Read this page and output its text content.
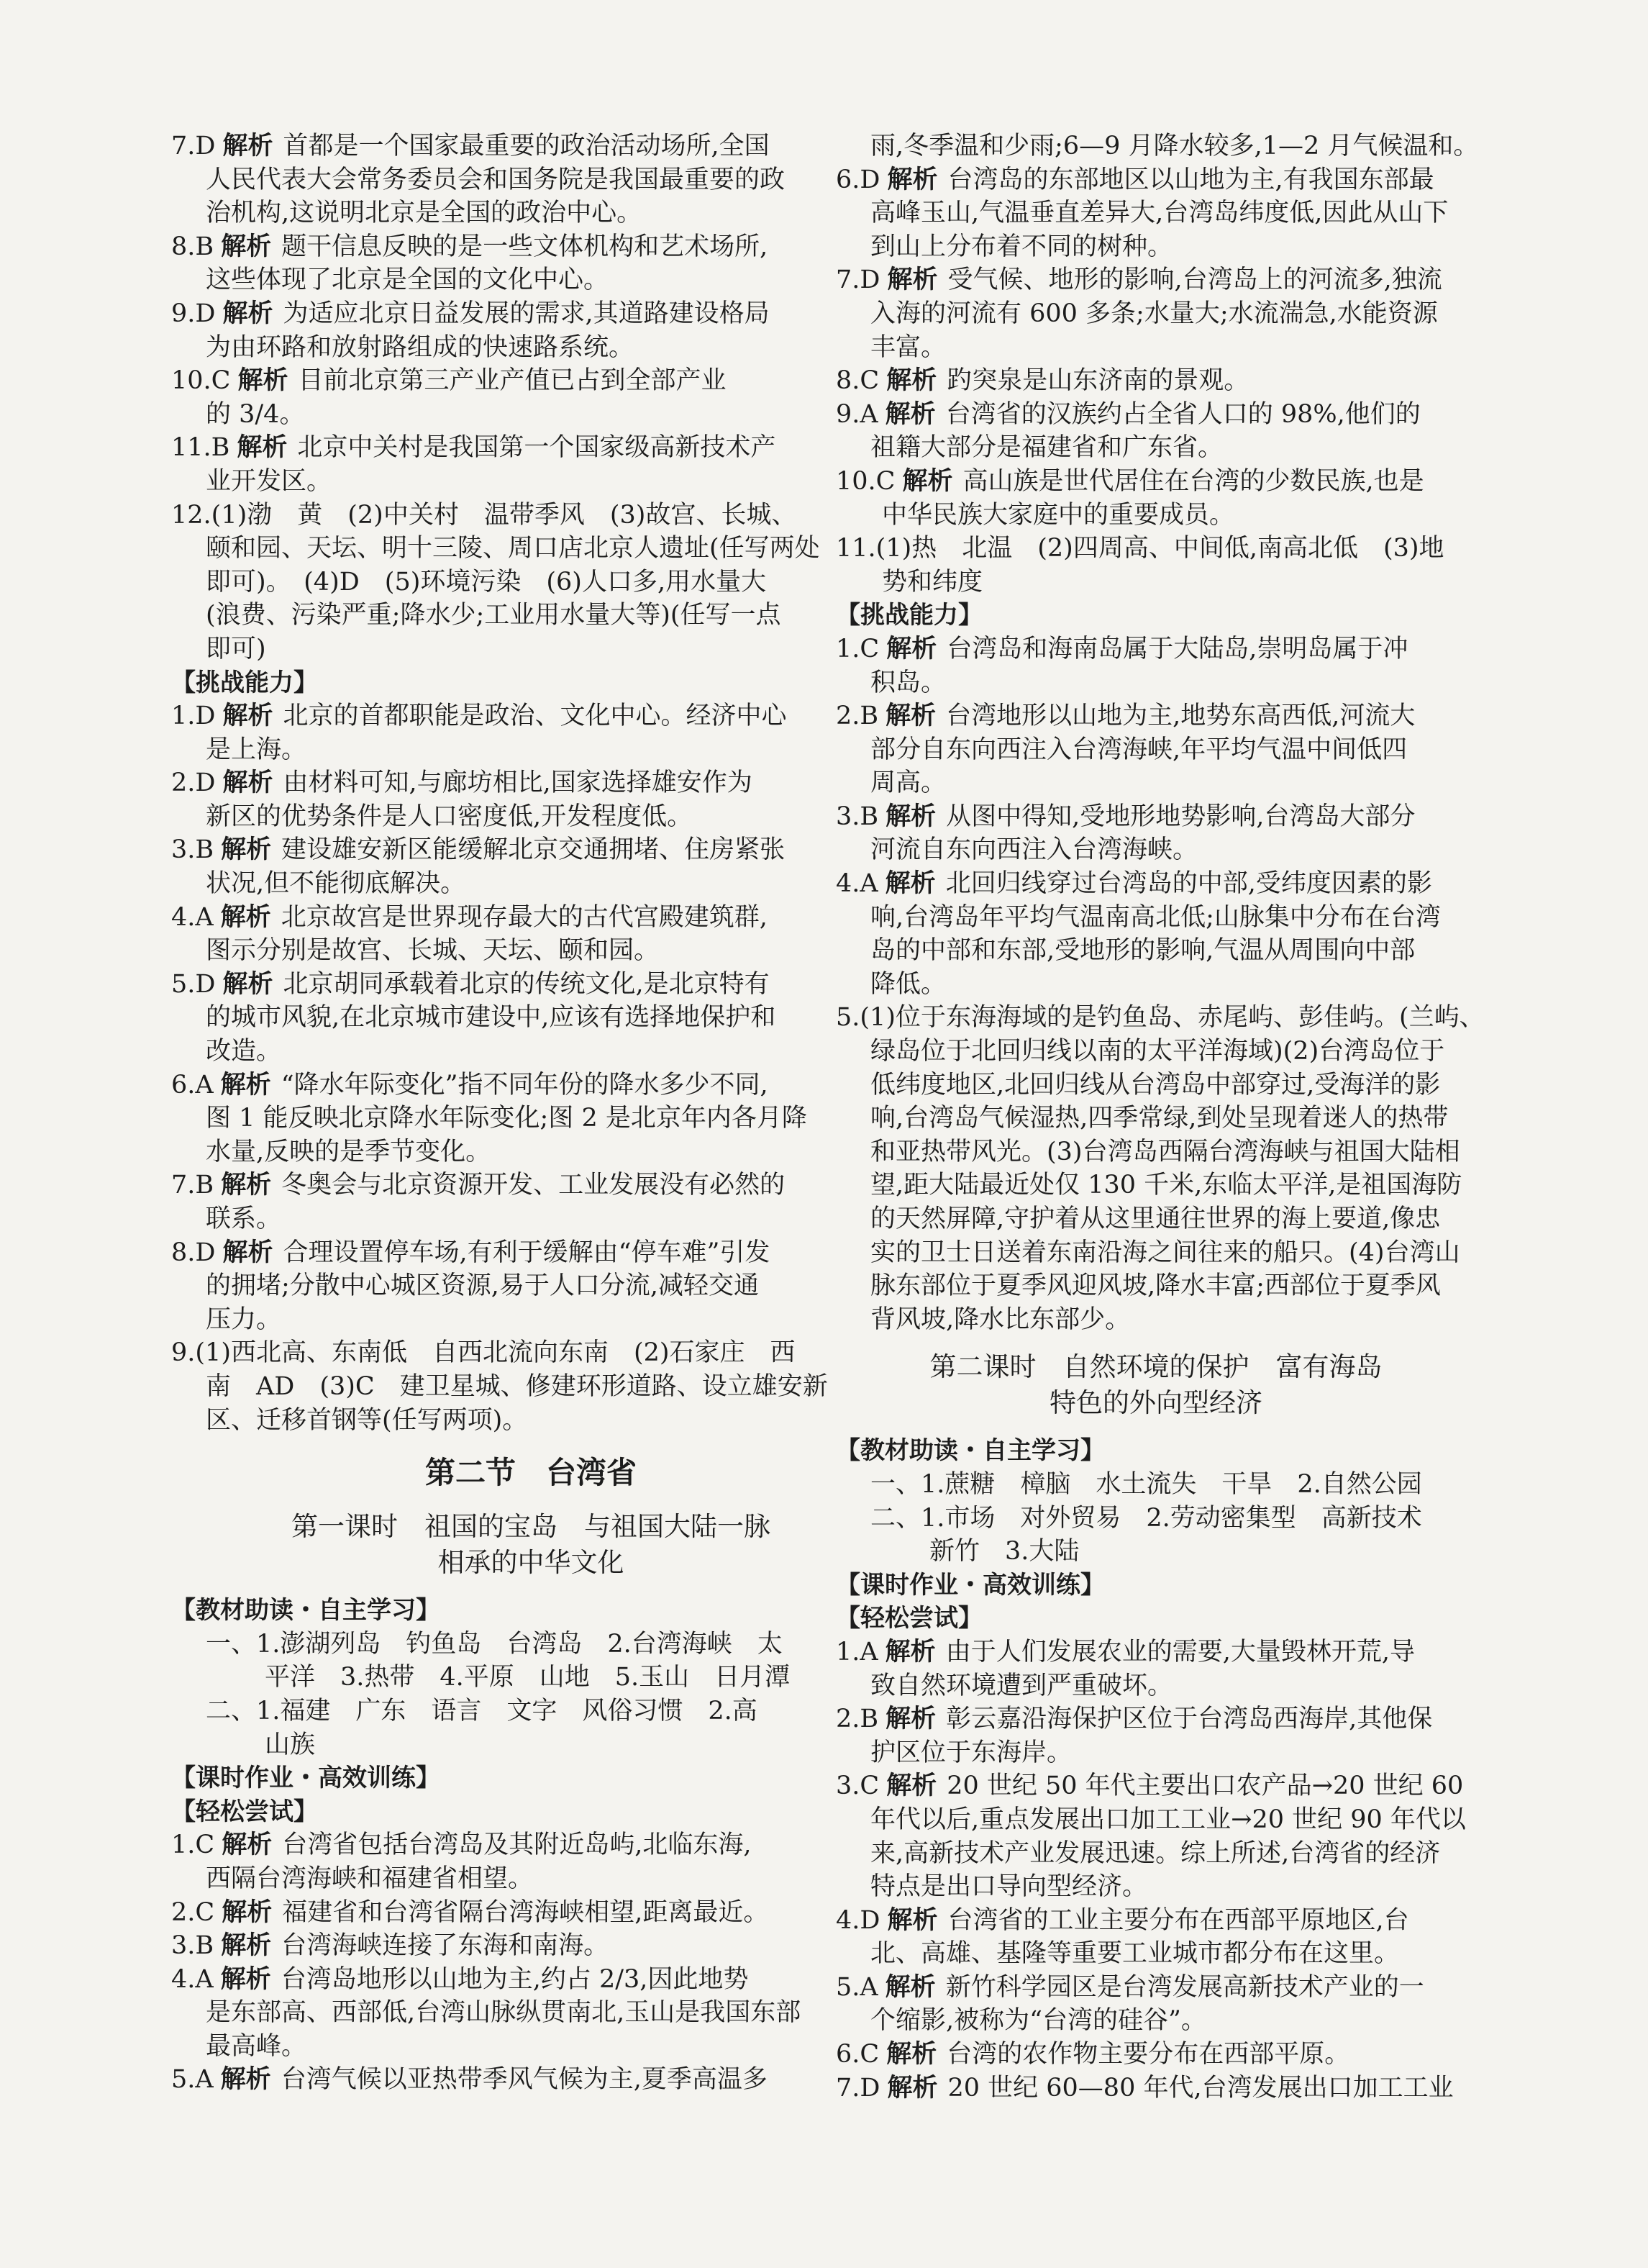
7.D 解析 首都是一个国家最重要的政治活动场所,全国
人民代表大会常务委员会和国务院是我国最重要的政
治机构,这说明北京是全国的政治中心。
8.B 解析 题干信息反映的是一些文体机构和艺术场所,
这些体现了北京是全国的文化中心。
9.D 解析 为适应北京日益发展的需求,其道路建设格局
为由环路和放射路组成的快速路系统。
10.C 解析 目前北京第三产业产值已占到全部产业
的 3/4。
11.B 解析 北京中关村是我国第一个国家级高新技术产
业开发区。
12.(1)渤　黄　(2)中关村　温带季风　(3)故宫、长城、
颐和园、天坛、明十三陵、周口店北京人遗址(任写两处
即可)。　(4)D　(5)环境污染　(6)人口多,用水量大
(浪费、污染严重;降水少;工业用水量大等)(任写一点
即可)
【挑战能力】
1.D 解析 北京的首都职能是政治、文化中心。经济中心
是上海。
2.D 解析 由材料可知,与廊坊相比,国家选择雄安作为
新区的优势条件是人口密度低,开发程度低。
3.B 解析 建设雄安新区能缓解北京交通拥堵、住房紧张
状况,但不能彻底解决。
4.A 解析 北京故宫是世界现存最大的古代宫殿建筑群,
图示分别是故宫、长城、天坛、颐和园。
5.D 解析 北京胡同承载着北京的传统文化,是北京特有
的城市风貌,在北京城市建设中,应该有选择地保护和
改造。
6.A 解析 “降水年际变化”指不同年份的降水多少不同,
图 1 能反映北京降水年际变化;图 2 是北京年内各月降
水量,反映的是季节变化。
7.B 解析 冬奥会与北京资源开发、工业发展没有必然的
联系。
8.D 解析 合理设置停车场,有利于缓解由“停车难”引发
的拥堵;分散中心城区资源,易于人口分流,减轻交通
压力。
9.(1)西北高、东南低　自西北流向东南　(2)石家庄　西
南　AD　(3)C　建卫星城、修建环形道路、设立雄安新
区、迁移首钢等(任写两项)。
第二节　台湾省
第一课时　祖国的宝岛　与祖国大陆一脉
相承的中华文化
【教材助读・自主学习】
一、1.澎湖列岛　钓鱼岛　台湾岛　2.台湾海峡　太
平洋　3.热带　4.平原　山地　5.玉山　日月潭
二、1.福建　广东　语言　文字　风俗习惯　2.高
山族
【课时作业・高效训练】
【轻松尝试】
1.C 解析 台湾省包括台湾岛及其附近岛屿,北临东海,
西隔台湾海峡和福建省相望。
2.C 解析 福建省和台湾省隔台湾海峡相望,距离最近。
3.B 解析 台湾海峡连接了东海和南海。
4.A 解析 台湾岛地形以山地为主,约占 2/3,因此地势
是东部高、西部低,台湾山脉纵贯南北,玉山是我国东部
最高峰。
5.A 解析 台湾气候以亚热带季风气候为主,夏季高温多
雨,冬季温和少雨;6—9 月降水较多,1—2 月气候温和。
6.D 解析 台湾岛的东部地区以山地为主,有我国东部最
高峰玉山,气温垂直差异大,台湾岛纬度低,因此从山下
到山上分布着不同的树种。
7.D 解析 受气候、地形的影响,台湾岛上的河流多,独流
入海的河流有 600 多条;水量大;水流湍急,水能资源
丰富。
8.C 解析 趵突泉是山东济南的景观。
9.A 解析 台湾省的汉族约占全省人口的 98%,他们的
祖籍大部分是福建省和广东省。
10.C 解析 高山族是世代居住在台湾的少数民族,也是
中华民族大家庭中的重要成员。
11.(1)热　北温　(2)四周高、中间低,南高北低　(3)地
势和纬度
【挑战能力】
1.C 解析 台湾岛和海南岛属于大陆岛,崇明岛属于冲
积岛。
2.B 解析 台湾地形以山地为主,地势东高西低,河流大
部分自东向西注入台湾海峡,年平均气温中间低四
周高。
3.B 解析 从图中得知,受地形地势影响,台湾岛大部分
河流自东向西注入台湾海峡。
4.A 解析 北回归线穿过台湾岛的中部,受纬度因素的影
响,台湾岛年平均气温南高北低;山脉集中分布在台湾
岛的中部和东部,受地形的影响,气温从周围向中部
降低。
5.(1)位于东海海域的是钓鱼岛、赤尾屿、彭佳屿。(兰屿、
绿岛位于北回归线以南的太平洋海域)(2)台湾岛位于
低纬度地区,北回归线从台湾岛中部穿过,受海洋的影
响,台湾岛气候湿热,四季常绿,到处呈现着迷人的热带
和亚热带风光。(3)台湾岛西隔台湾海峡与祖国大陆相
望,距大陆最近处仅 130 千米,东临太平洋,是祖国海防
的天然屏障,守护着从这里通往世界的海上要道,像忠
实的卫士日送着东南沿海之间往来的船只。(4)台湾山
脉东部位于夏季风迎风坡,降水丰富;西部位于夏季风
背风坡,降水比东部少。
第二课时　自然环境的保护　富有海岛
特色的外向型经济
【教材助读・自主学习】
一、1.蔗糖　樟脑　水土流失　干旱　2.自然公园
二、1.市场　对外贸易　2.劳动密集型　高新技术
新竹　3.大陆
【课时作业・高效训练】
【轻松尝试】
1.A 解析 由于人们发展农业的需要,大量毁林开荒,导
致自然环境遭到严重破坏。
2.B 解析 彰云嘉沿海保护区位于台湾岛西海岸,其他保
护区位于东海岸。
3.C 解析 20 世纪 50 年代主要出口农产品→20 世纪 60
年代以后,重点发展出口加工工业→20 世纪 90 年代以
来,高新技术产业发展迅速。综上所述,台湾省的经济
特点是出口导向型经济。
4.D 解析 台湾省的工业主要分布在西部平原地区,台
北、高雄、基隆等重要工业城市都分布在这里。
5.A 解析 新竹科学园区是台湾发展高新技术产业的一
个缩影,被称为“台湾的硅谷”。
6.C 解析 台湾的农作物主要分布在西部平原。
7.D 解析 20 世纪 60—80 年代,台湾发展出口加工工业
